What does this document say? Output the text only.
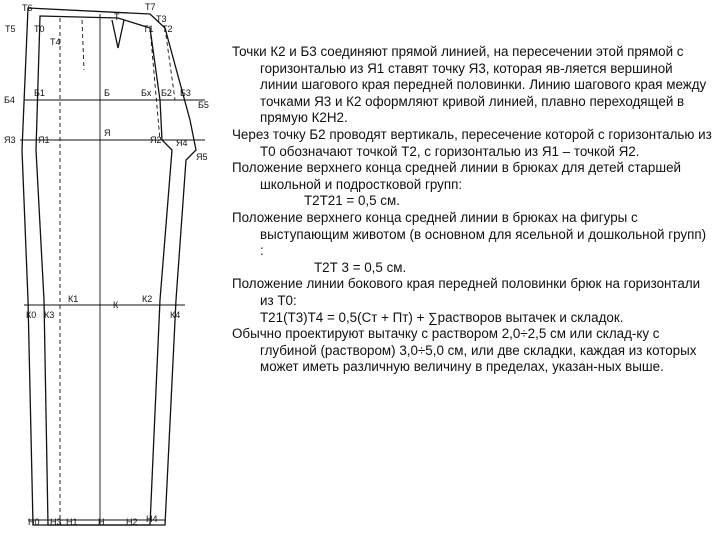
Т6
Т5 Т0
Т4
Т
Т7
Т3
Т1 Т2
Б4
Б1	Б	Бх Б2 Б3
Б5
Я3 Я1
Я
Я2 Я4
Я5
К0 К3
К1
К
К2
К4
Н0 Н3 Н1 Н Н2 Н4

Точки К2 и Б3 соединяют прямой линией, на пересечении этой прямой с горизонталью из Я1 ставят точку Я3, которая яв-ляется вершиной линии шагового края передней половинки. Линию шагового края между точками Я3 и К2 оформляют кривой линией, плавно переходящей в прямую К2Н2.

Через точку Б2 проводят вертикаль, пересечение которой с горизонталью из Т0 обозначают точкой Т2, с горизонталью из Я1 – точкой Я2.

Положение верхнего конца средней линии в брюках для детей старшей школьной и подростковой групп:

Т2Т21 = 0,5 см.

Положение верхнего конца средней линии в брюках на фигуры с выступающим животом (в основном для ясельной и дошкольной групп) :

Т2Т 3 = 0,5 см.

Положение линии бокового края передней половинки брюк на горизонтали из Т0:

Т21(Т3)Т4 = 0,5(Ст + Пт) + ∑растворов вытачек и складок.

Обычно проектируют вытачку с раствором 2,0÷2,5 см или склад-ку с глубиной (раствором) 3,0÷5,0 см, или две складки, каждая из которых может иметь различную величину в пределах, указан-ных выше.
